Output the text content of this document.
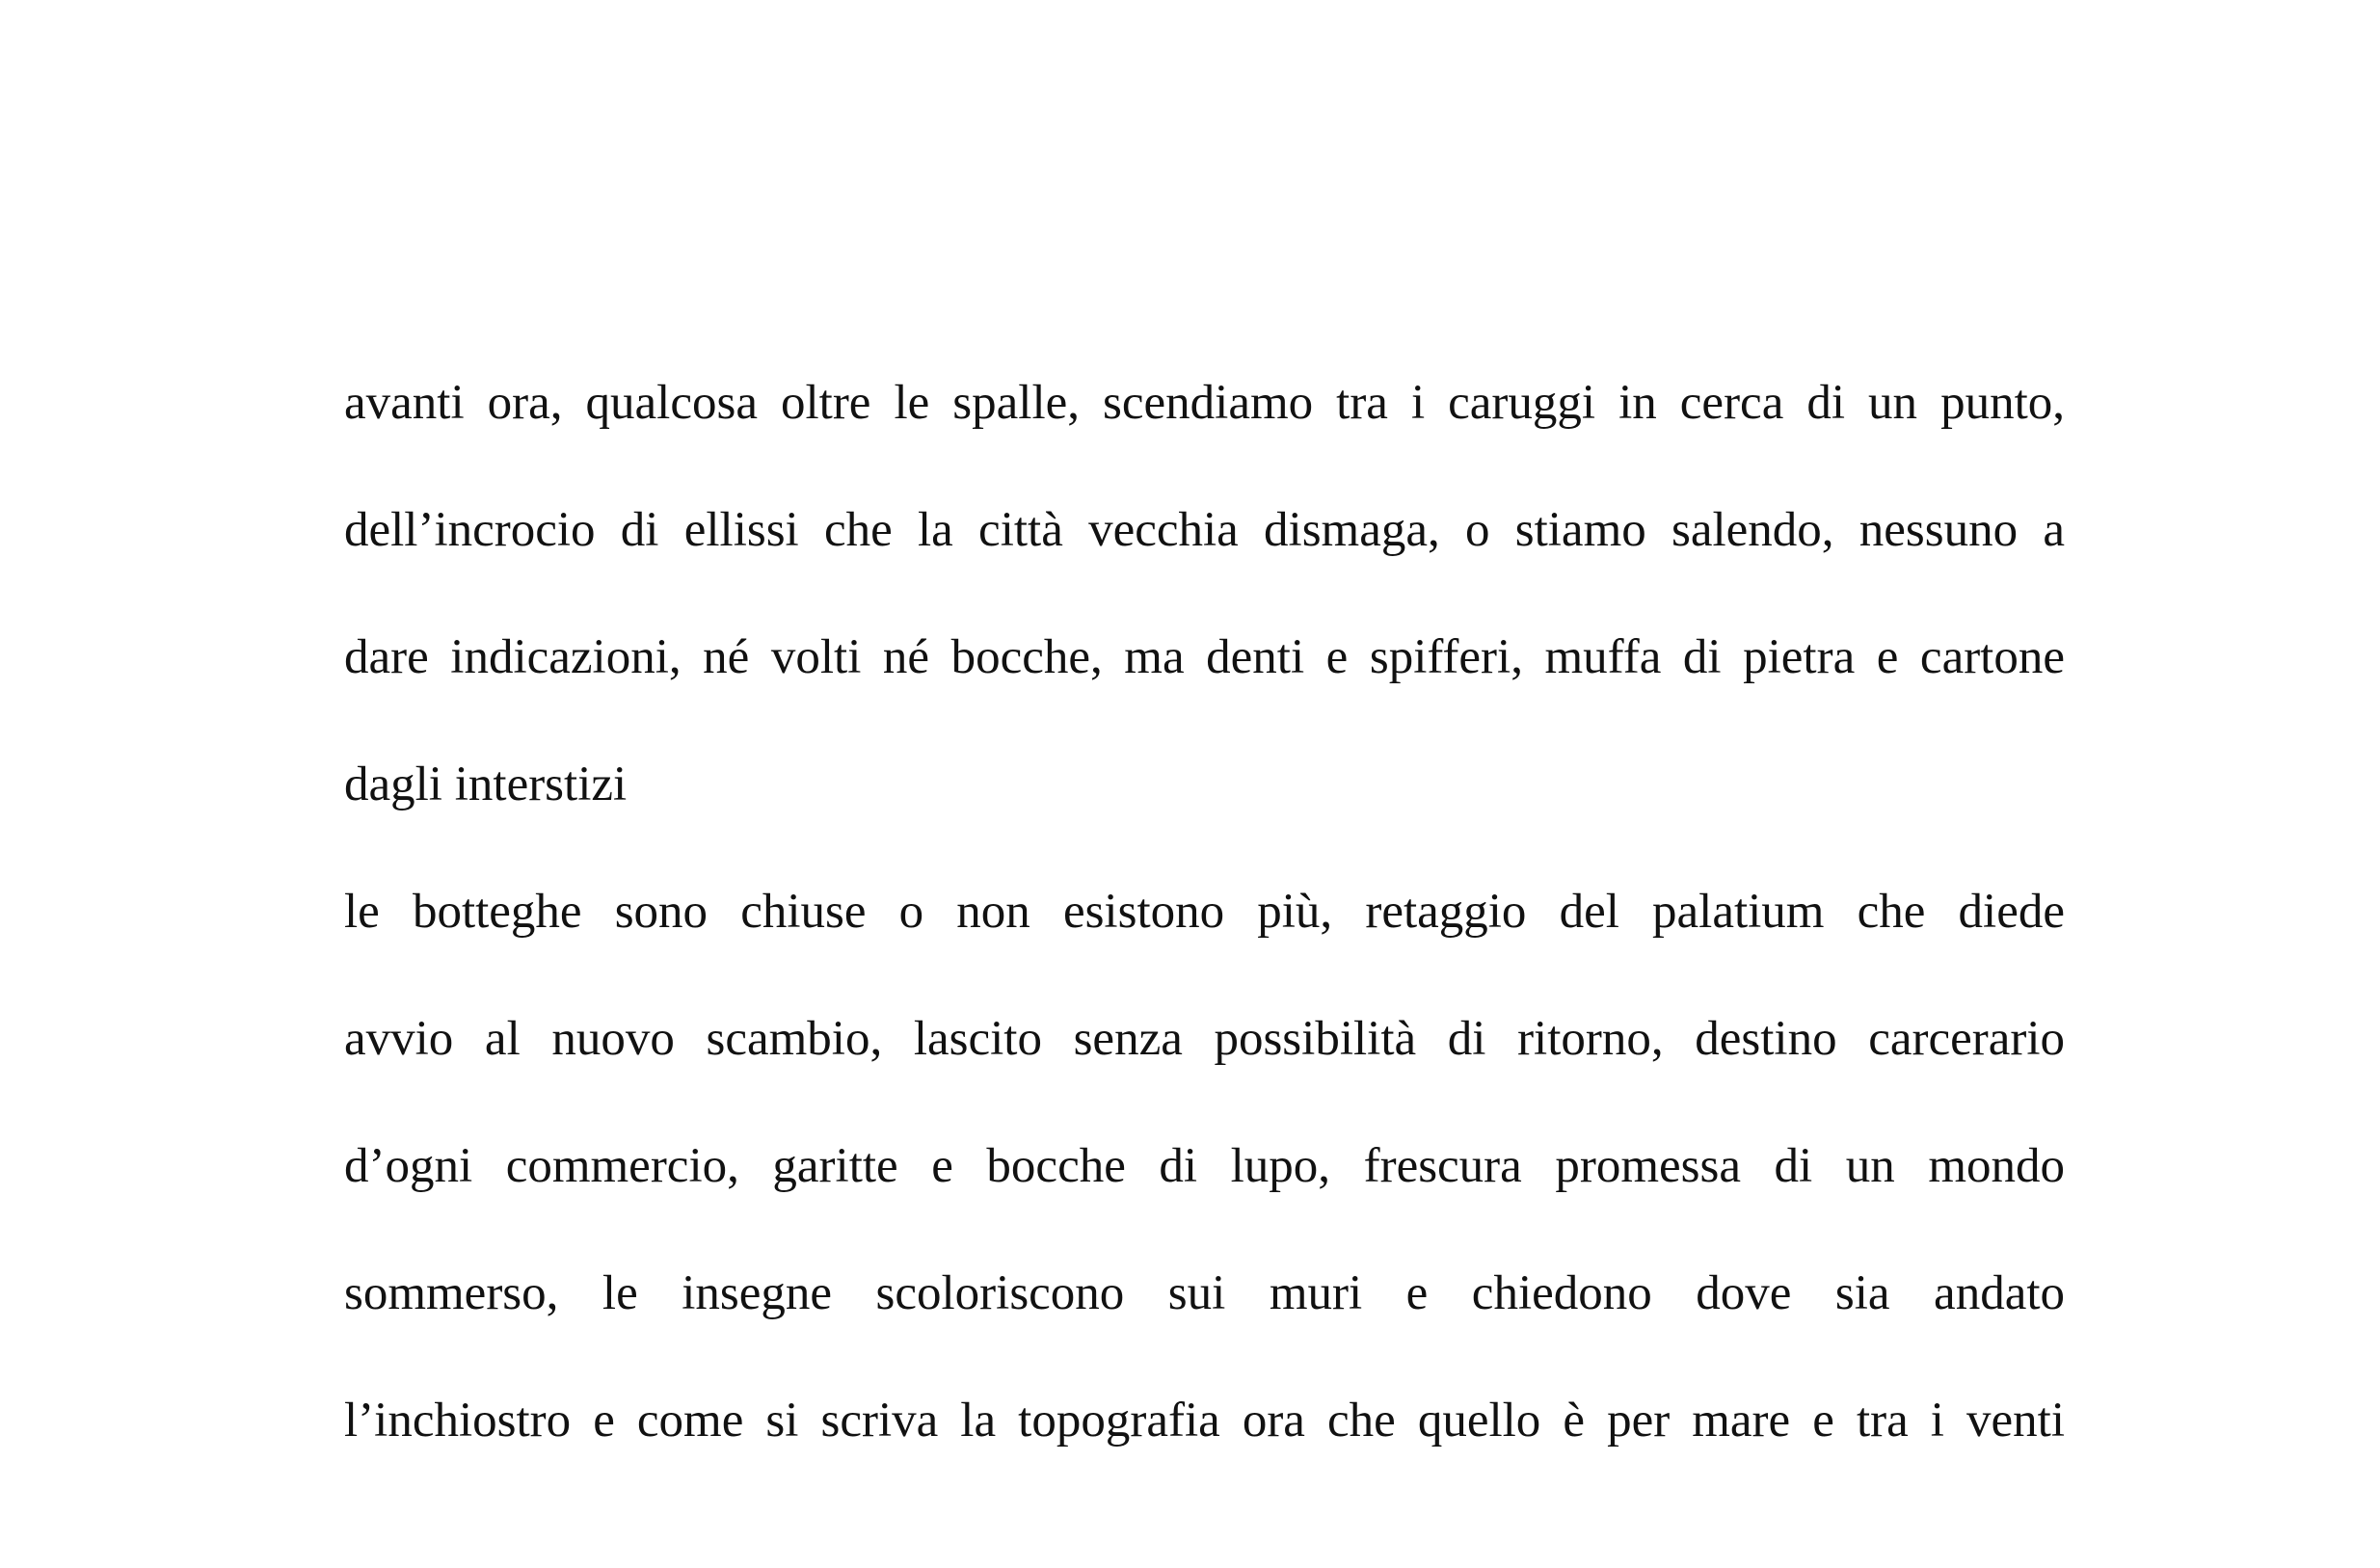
avanti ora, qualcosa oltre le spalle, scendiamo tra i caruggi in cerca di un punto,
dell’incrocio di ellissi che la città vecchia dismaga, o stiamo salendo, nessuno a
dare indicazioni, né volti né bocche, ma denti e spifferi, muffa di pietra e cartone
dagli interstizi
le botteghe sono chiuse o non esistono più, retaggio del palatium che diede
avvio al nuovo scambio, lascito senza possibilità di ritorno, destino carcerario
d’ogni commercio, garitte e bocche di lupo, frescura promessa di un mondo
sommerso, le insegne scoloriscono sui muri e chiedono dove sia andato
l’inchiostro e come si scriva la topografia ora che quello è per mare e tra i venti
